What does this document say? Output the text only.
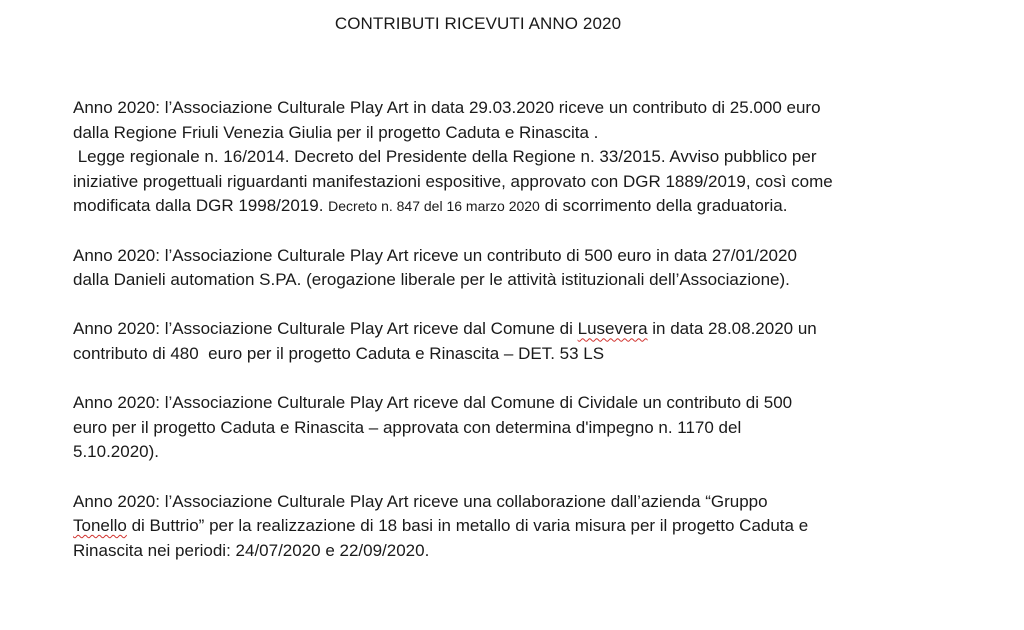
CONTRIBUTI RICEVUTI ANNO 2020
Anno 2020: l’Associazione Culturale Play Art in data 29.03.2020 riceve un contributo di 25.000 euro
dalla Regione Friuli Venezia Giulia per il progetto Caduta e Rinascita .
Legge regionale n. 16/2014. Decreto del Presidente della Regione n. 33/2015. Avviso pubblico per
iniziative progettuali riguardanti manifestazioni espositive, approvato con DGR 1889/2019, così come
modificata dalla DGR 1998/2019. Decreto n. 847 del 16 marzo 2020 di scorrimento della graduatoria.
Anno 2020: l’Associazione Culturale Play Art riceve un contributo di 500 euro in data 27/01/2020
dalla Danieli automation S.PA. (erogazione liberale per le attività istituzionali dell’Associazione).
Anno 2020: l’Associazione Culturale Play Art riceve dal Comune di Lusevera in data 28.08.2020 un
contributo di 480  euro per il progetto Caduta e Rinascita – DET. 53 LS
Anno 2020: l’Associazione Culturale Play Art riceve dal Comune di Cividale un contributo di 500
euro per il progetto Caduta e Rinascita – approvata con determina d'impegno n. 1170 del
5.10.2020).
Anno 2020: l’Associazione Culturale Play Art riceve una collaborazione dall’azienda “Gruppo
Tonello di Buttrio” per la realizzazione di 18 basi in metallo di varia misura per il progetto Caduta e
Rinascita nei periodi: 24/07/2020 e 22/09/2020.
